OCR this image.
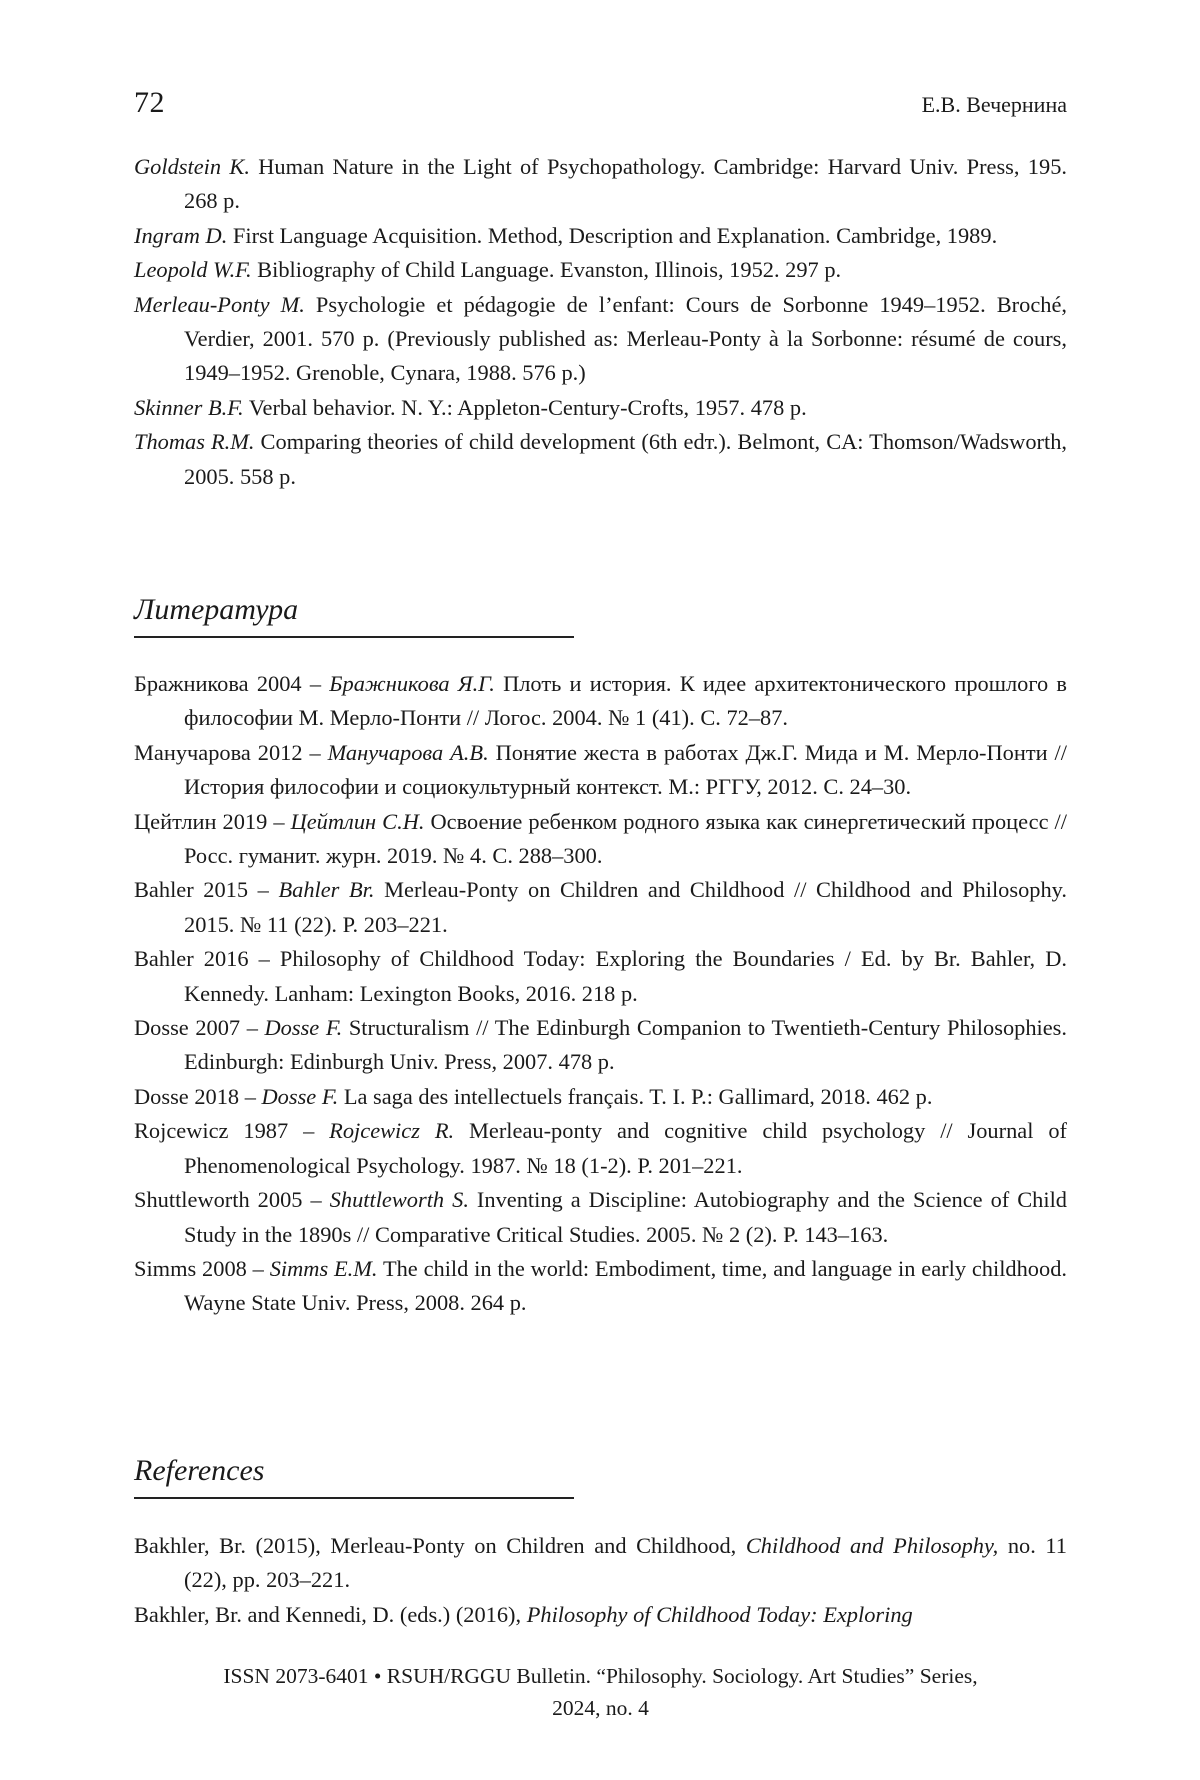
72	Е.В. Вечернина

Goldstein K. Human Nature in the Light of Psychopathology. Cambridge: Harvard Univ. Press, 195. 268 p.

Ingram D. First Language Acquisition. Method, Description and Explanation. Cambridge, 1989.

Leopold W.F. Bibliography of Child Language. Evanston, Illinois, 1952. 297 p.

Merleau-Ponty M. Psychologie et pédagogie de l’enfant: Cours de Sorbonne 1949–1952. Broché, Verdier, 2001. 570 p. (Previously published as: Merleau-Ponty à la Sorbonne: résumé de cours, 1949–1952. Grenoble, Cynara, 1988. 576 p.)

Skinner B.F. Verbal behavior. N. Y.: Appleton-Century-Crofts, 1957. 478 p.

Thomas R.M. Comparing theories of child development (6th edт.). Belmont, CA: Thomson/Wadsworth, 2005. 558 p.

Литература

Бражникова 2004 – Бражникова Я.Г. Плоть и история. К идее архитектонического прошлого в философии М. Мерло-Понти // Логос. 2004. № 1 (41). С. 72–87.

Манучарова 2012 – Манучарова А.В. Понятие жеста в работах Дж.Г. Мида и М. Мерло-Понти // История философии и социокультурный контекст. М.: РГГУ, 2012. С. 24–30.

Цейтлин 2019 – Цейтлин С.Н. Освоение ребенком родного языка как синергетический процесс // Росс. гуманит. журн. 2019. № 4. С. 288–300.

Bahler 2015 – Bahler Br. Merleau-Ponty on Children and Childhood // Childhood and Philosophy. 2015. № 11 (22). P. 203–221.

Bahler 2016 – Philosophy of Childhood Today: Exploring the Boundaries / Ed. by Br. Bahler, D. Kennedy. Lanham: Lexington Books, 2016. 218 p.

Dosse 2007 – Dosse F. Structuralism // The Edinburgh Companion to Twentieth-Century Philosophies. Edinburgh: Edinburgh Univ. Press, 2007. 478 p.

Dosse 2018 – Dosse F. La saga des intellectuels français. T. I. P.: Gallimard, 2018. 462 p.

Rojcewicz 1987 – Rojcewicz R. Merleau-ponty and cognitive child psychology // Journal of Phenomenological Psychology. 1987. № 18 (1-2). P. 201–221.

Shuttleworth 2005 – Shuttleworth S. Inventing a Discipline: Autobiography and the Science of Child Study in the 1890s // Comparative Critical Studies. 2005. № 2 (2). P. 143–163.

Simms 2008 – Simms E.M. The child in the world: Embodiment, time, and language in early childhood. Wayne State Univ. Press, 2008. 264 p.

References

Bakhler, Br. (2015), Merleau-Ponty on Children and Childhood, Childhood and Philosophy, no. 11 (22), pp. 203–221.

Bakhler, Br. and Kennedi, D. (eds.) (2016), Philosophy of Childhood Today: Exploring

ISSN 2073-6401 • RSUH/RGGU Bulletin. “Philosophy. Sociology. Art Studies” Series,
2024, no. 4
